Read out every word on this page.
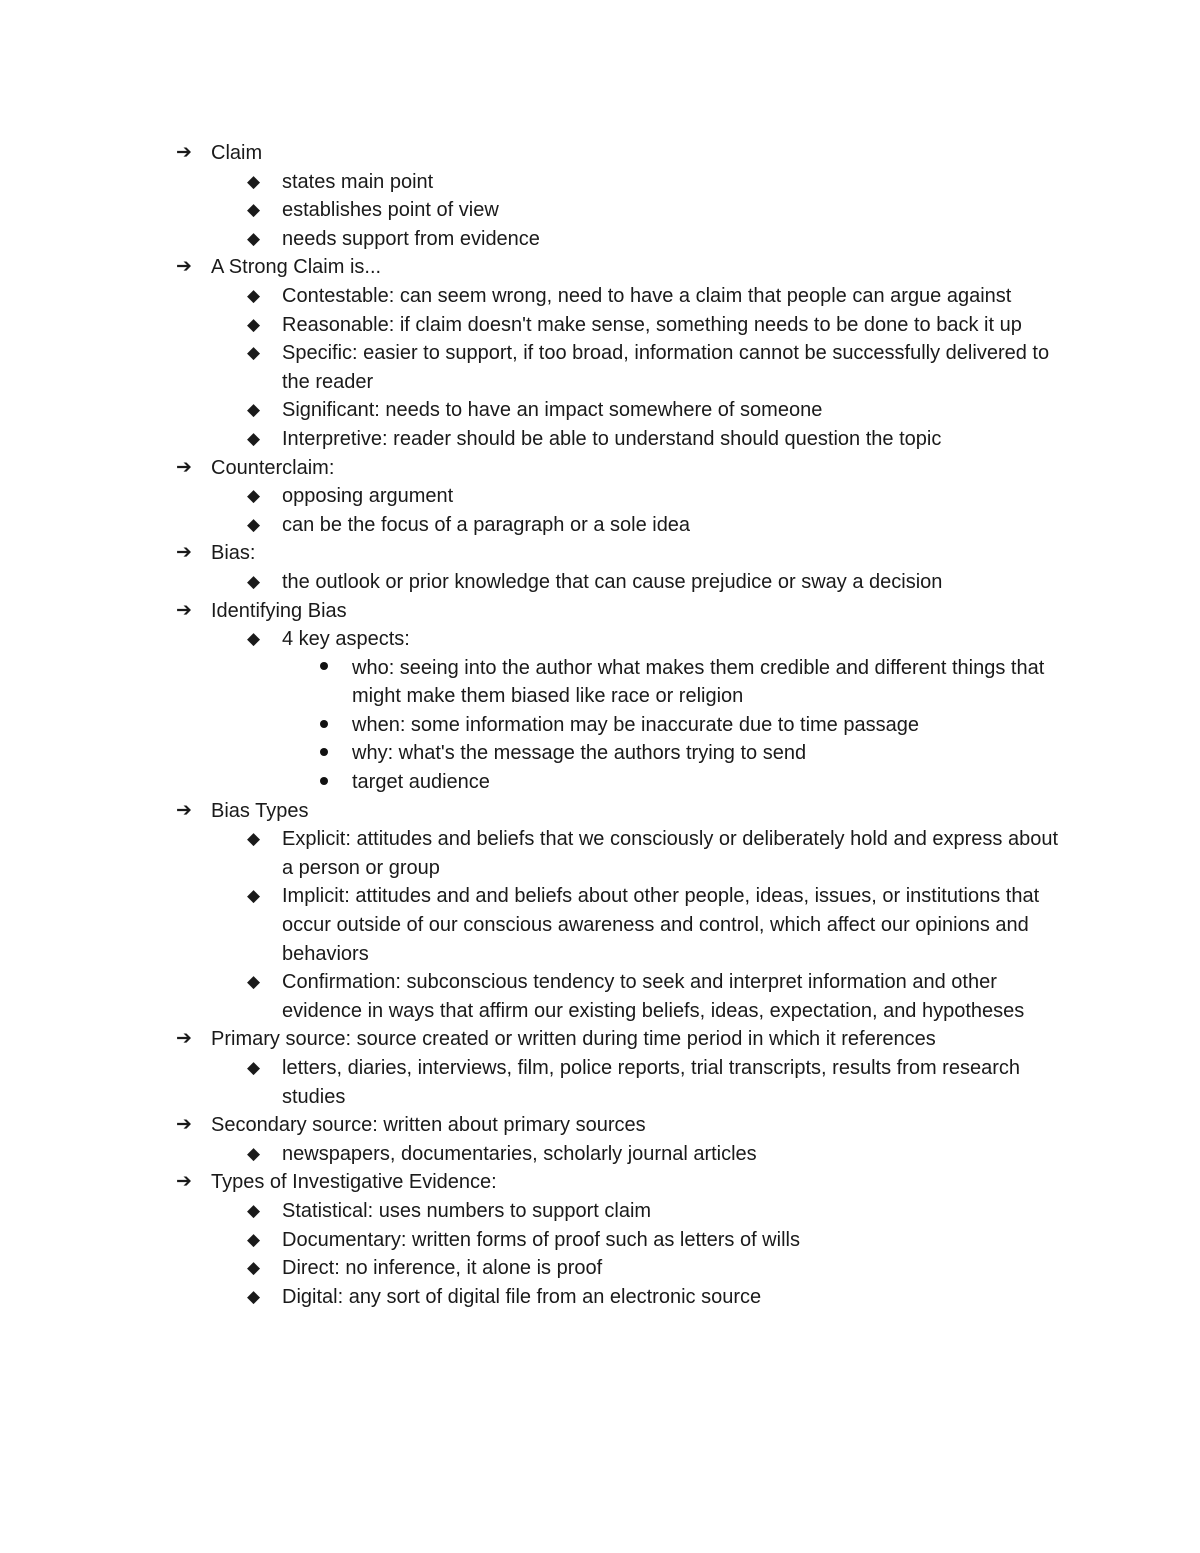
➔ Claim
◆	states main point
◆	establishes point of view
◆	needs support from evidence
➔ A Strong Claim is...
◆	Contestable: can seem wrong, need to have a claim that people can argue against
◆	Reasonable: if claim doesn't make sense, something needs to be done to back it up
◆	Specific: easier to support, if too broad, information cannot be successfully delivered to the reader
◆	Significant: needs to have an impact somewhere of someone
◆	Interpretive: reader should be able to understand should question the topic
➔ Counterclaim:
◆	opposing argument
◆	can be the focus of a paragraph or a sole idea
➔ Bias:
◆	the outlook or prior knowledge that can cause prejudice or sway a decision
➔ Identifying Bias
◆	4 key aspects:
who: seeing into the author what makes them credible and different things that might make them biased like race or religion
when: some information may be inaccurate due to time passage
why: what's the message the authors trying to send
target audience
➔ Bias Types
◆	Explicit: attitudes and beliefs that we consciously or deliberately hold and express about a person or group
◆	Implicit: attitudes and and beliefs about other people, ideas, issues, or institutions that occur outside of our conscious awareness and control, which affect our opinions and behaviors
◆	Confirmation: subconscious tendency to seek and interpret information and other evidence in ways that affirm our existing beliefs, ideas, expectation, and hypotheses
➔ Primary source: source created or written during time period in which it references
◆	letters, diaries, interviews, film, police reports, trial transcripts, results from research studies
➔ Secondary source: written about primary sources
◆	newspapers, documentaries, scholarly journal articles
➔ Types of Investigative Evidence:
◆	Statistical: uses numbers to support claim
◆	Documentary: written forms of proof such as letters of wills
◆	Direct: no inference, it alone is proof
◆	Digital: any sort of digital file from an electronic source
